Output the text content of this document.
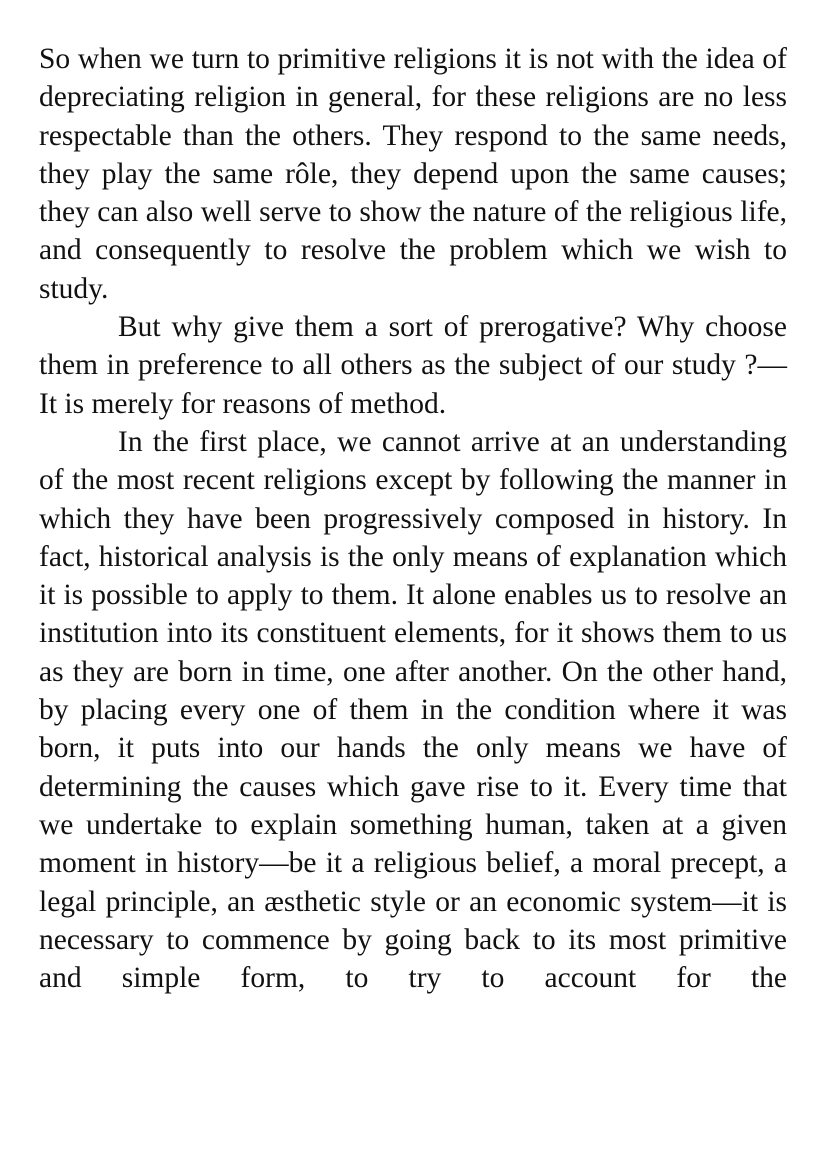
So when we turn to primitive religions it is not with the idea of depreciating religion in general, for these religions are no less respectable than the others. They respond to the same needs, they play the same rôle, they depend upon the same causes; they can also well serve to show the nature of the religious life, and consequently to resolve the problem which we wish to study.

But why give them a sort of prerogative? Why choose them in preference to all others as the subject of our study ?—It is merely for reasons of method.

In the first place, we cannot arrive at an understanding of the most recent religions except by following the manner in which they have been progressively composed in history. In fact, historical analysis is the only means of explanation which it is possible to apply to them. It alone enables us to resolve an institution into its constituent elements, for it shows them to us as they are born in time, one after another. On the other hand, by placing every one of them in the condition where it was born, it puts into our hands the only means we have of determining the causes which gave rise to it. Every time that we undertake to explain something human, taken at a given moment in history—be it a religious belief, a moral precept, a legal principle, an æsthetic style or an economic system—it is necessary to commence by going back to its most primitive and simple form, to try to account for the
